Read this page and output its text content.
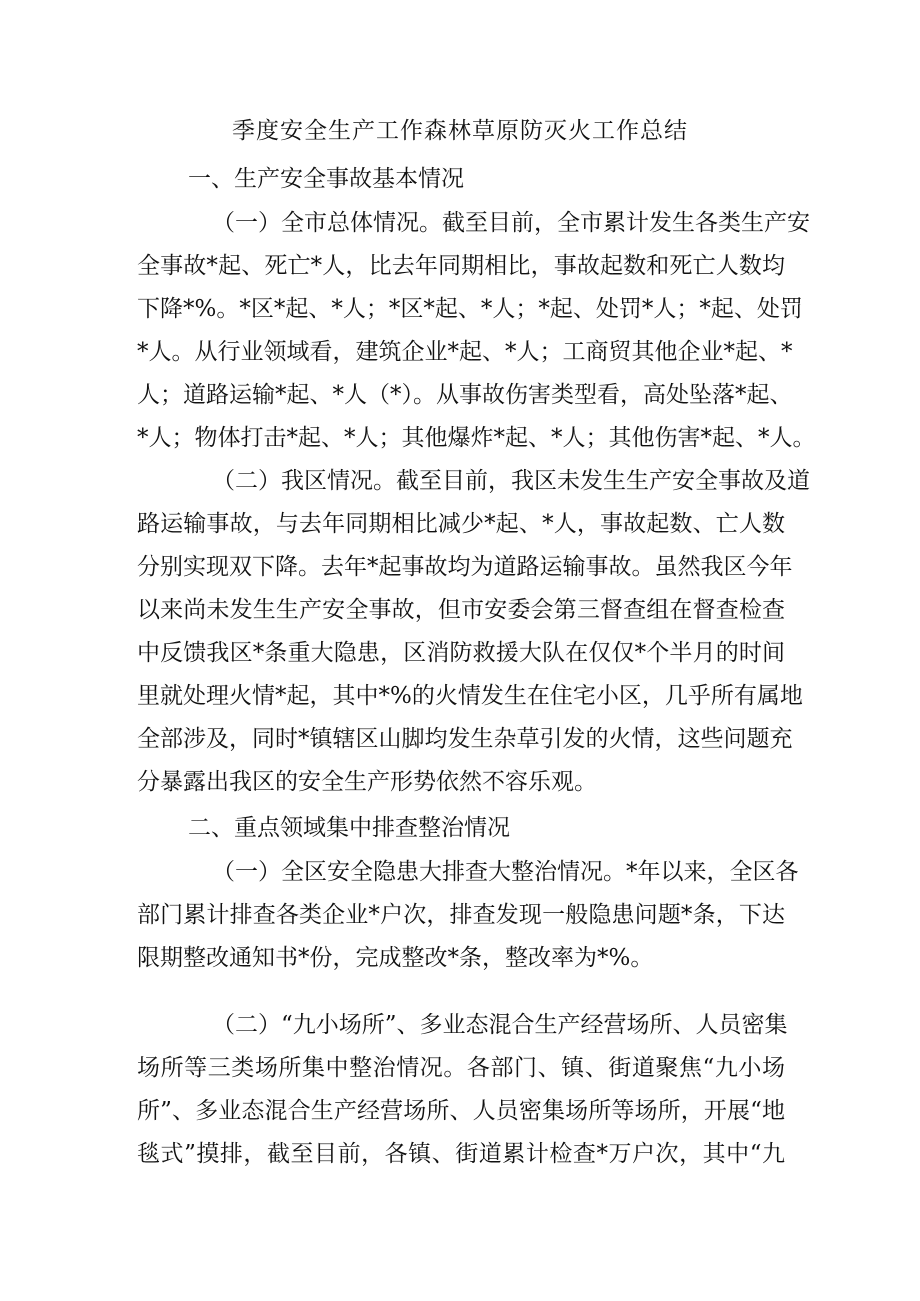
季度安全生产工作森林草原防灭火工作总结
一、生产安全事故基本情况
（一）全市总体情况。截至目前，全市累计发生各类生产安
全事故*起、死亡*人，比去年同期相比，事故起数和死亡人数均
下降*%。*区*起、*人；*区*起、*人；*起、处罚*人；*起、处罚
*人。从行业领域看，建筑企业*起、*人；工商贸其他企业*起、*
人；道路运输*起、*人（*）。从事故伤害类型看，高处坠落*起、
*人；物体打击*起、*人；其他爆炸*起、*人；其他伤害*起、*人。
（二）我区情况。截至目前，我区未发生生产安全事故及道
路运输事故，与去年同期相比减少*起、*人，事故起数、亡人数
分别实现双下降。去年*起事故均为道路运输事故。虽然我区今年
以来尚未发生生产安全事故，但市安委会第三督查组在督查检查
中反馈我区*条重大隐患，区消防救援大队在仅仅*个半月的时间
里就处理火情*起，其中*%的火情发生在住宅小区，几乎所有属地
全部涉及，同时*镇辖区山脚均发生杂草引发的火情，这些问题充
分暴露出我区的安全生产形势依然不容乐观。
二、重点领域集中排查整治情况
（一）全区安全隐患大排查大整治情况。*年以来，全区各
部门累计排查各类企业*户次，排查发现一般隐患问题*条，下达
限期整改通知书*份，完成整改*条，整改率为*%。
（二）“九小场所”、多业态混合生产经营场所、人员密集
场所等三类场所集中整治情况。各部门、镇、街道聚焦“九小场
所”、多业态混合生产经营场所、人员密集场所等场所，开展“地
毯式”摸排，截至目前，各镇、街道累计检查*万户次，其中“九
